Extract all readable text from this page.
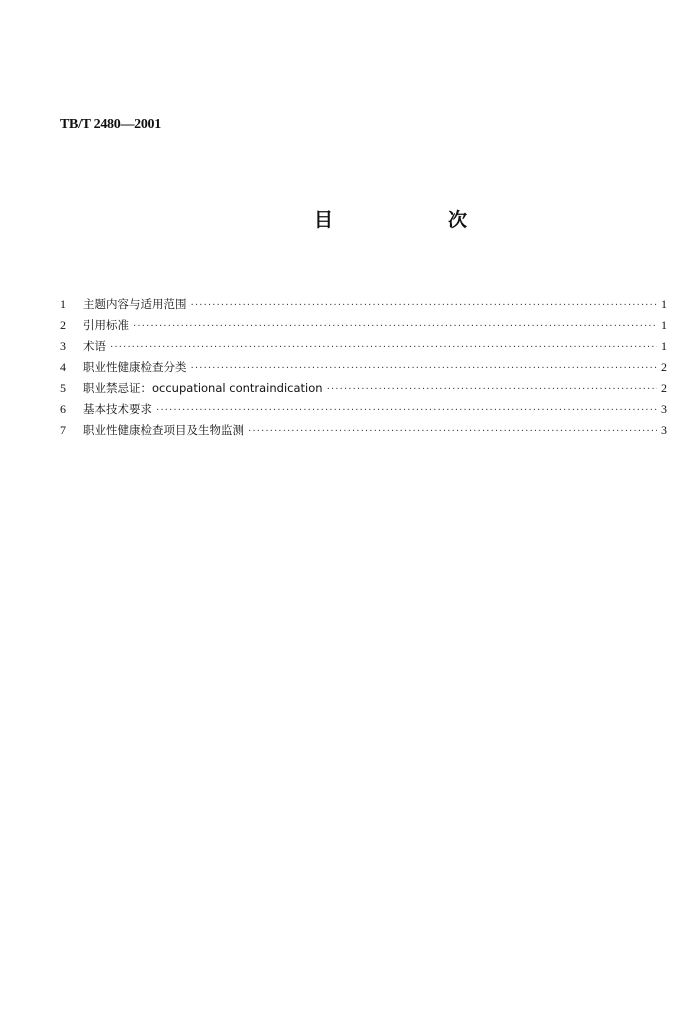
TB/T 2480—2001
目　次
1	主题内容与适用范围 ·····	1
2	引用标准 ·····	1
3	术语 ·····	1
4	职业性健康检查分类 ·····	2
5	职业禁忌证：occupational contraindication ·····	2
6	基本技术要求 ·····	3
7	职业性健康检查项目及生物监测 ·····	3
